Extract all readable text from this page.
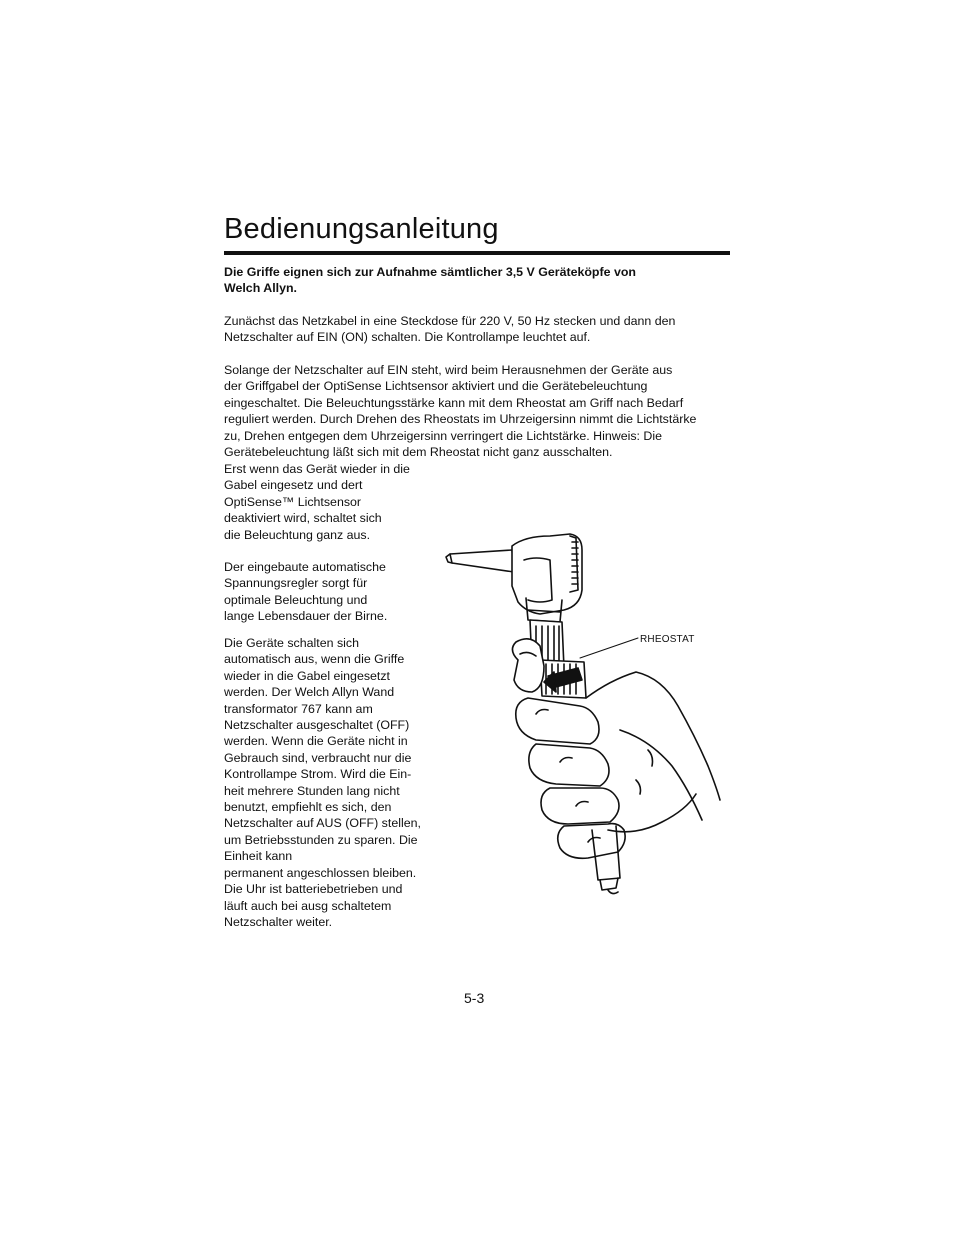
Bedienungsanleitung

Die Griffe eignen sich zur Aufnahme sämtlicher 3,5 V Geräteköpfe von
Welch Allyn.

Zunächst das Netzkabel in eine Steckdose für 220 V, 50 Hz stecken und dann den
Netzschalter auf EIN (ON) schalten. Die Kontrollampe leuchtet auf.

Solange der Netzschalter auf EIN steht, wird beim Herausnehmen der Geräte aus
der Griffgabel der OptiSense Lichtsensor aktiviert und die Gerätebeleuchtung
eingeschaltet. Die Beleuchtungsstärke kann mit dem Rheostat am Griff nach Bedarf
reguliert werden. Durch Drehen des Rheostats im Uhrzeigersinn nimmt die Lichtstärke
zu, Drehen entgegen dem Uhrzeigersinn verringert die Lichtstärke. Hinweis: Die
Gerätebeleuchtung läßt sich mit dem Rheostat nicht ganz ausschalten.

Erst wenn das Gerät wieder in die
Gabel eingesetz und dert
OptiSense™ Lichtsensor
deaktiviert wird, schaltet sich
die Beleuchtung ganz aus.

Der eingebaute automatische
Spannungsregler sorgt für
optimale Beleuchtung und
lange Lebensdauer der Birne.

Die Geräte schalten sich
automatisch aus, wenn die Griffe
wieder in die Gabel eingesetzt
werden. Der Welch Allyn Wand
transformator 767 kann am
Netzschalter ausgeschaltet (OFF)
werden. Wenn die Geräte nicht in
Gebrauch sind, verbraucht nur die
Kontrollampe Strom. Wird die Ein-
heit mehrere Stunden lang nicht
benutzt, empfiehlt es sich, den
Netzschalter auf AUS (OFF) stellen,
um Betriebsstunden zu sparen. Die
Einheit kann
permanent angeschlossen bleiben.
Die Uhr ist batteriebetrieben und
läuft auch bei ausg schaltetem
Netzschalter weiter.

RHEOSTAT

5-3
